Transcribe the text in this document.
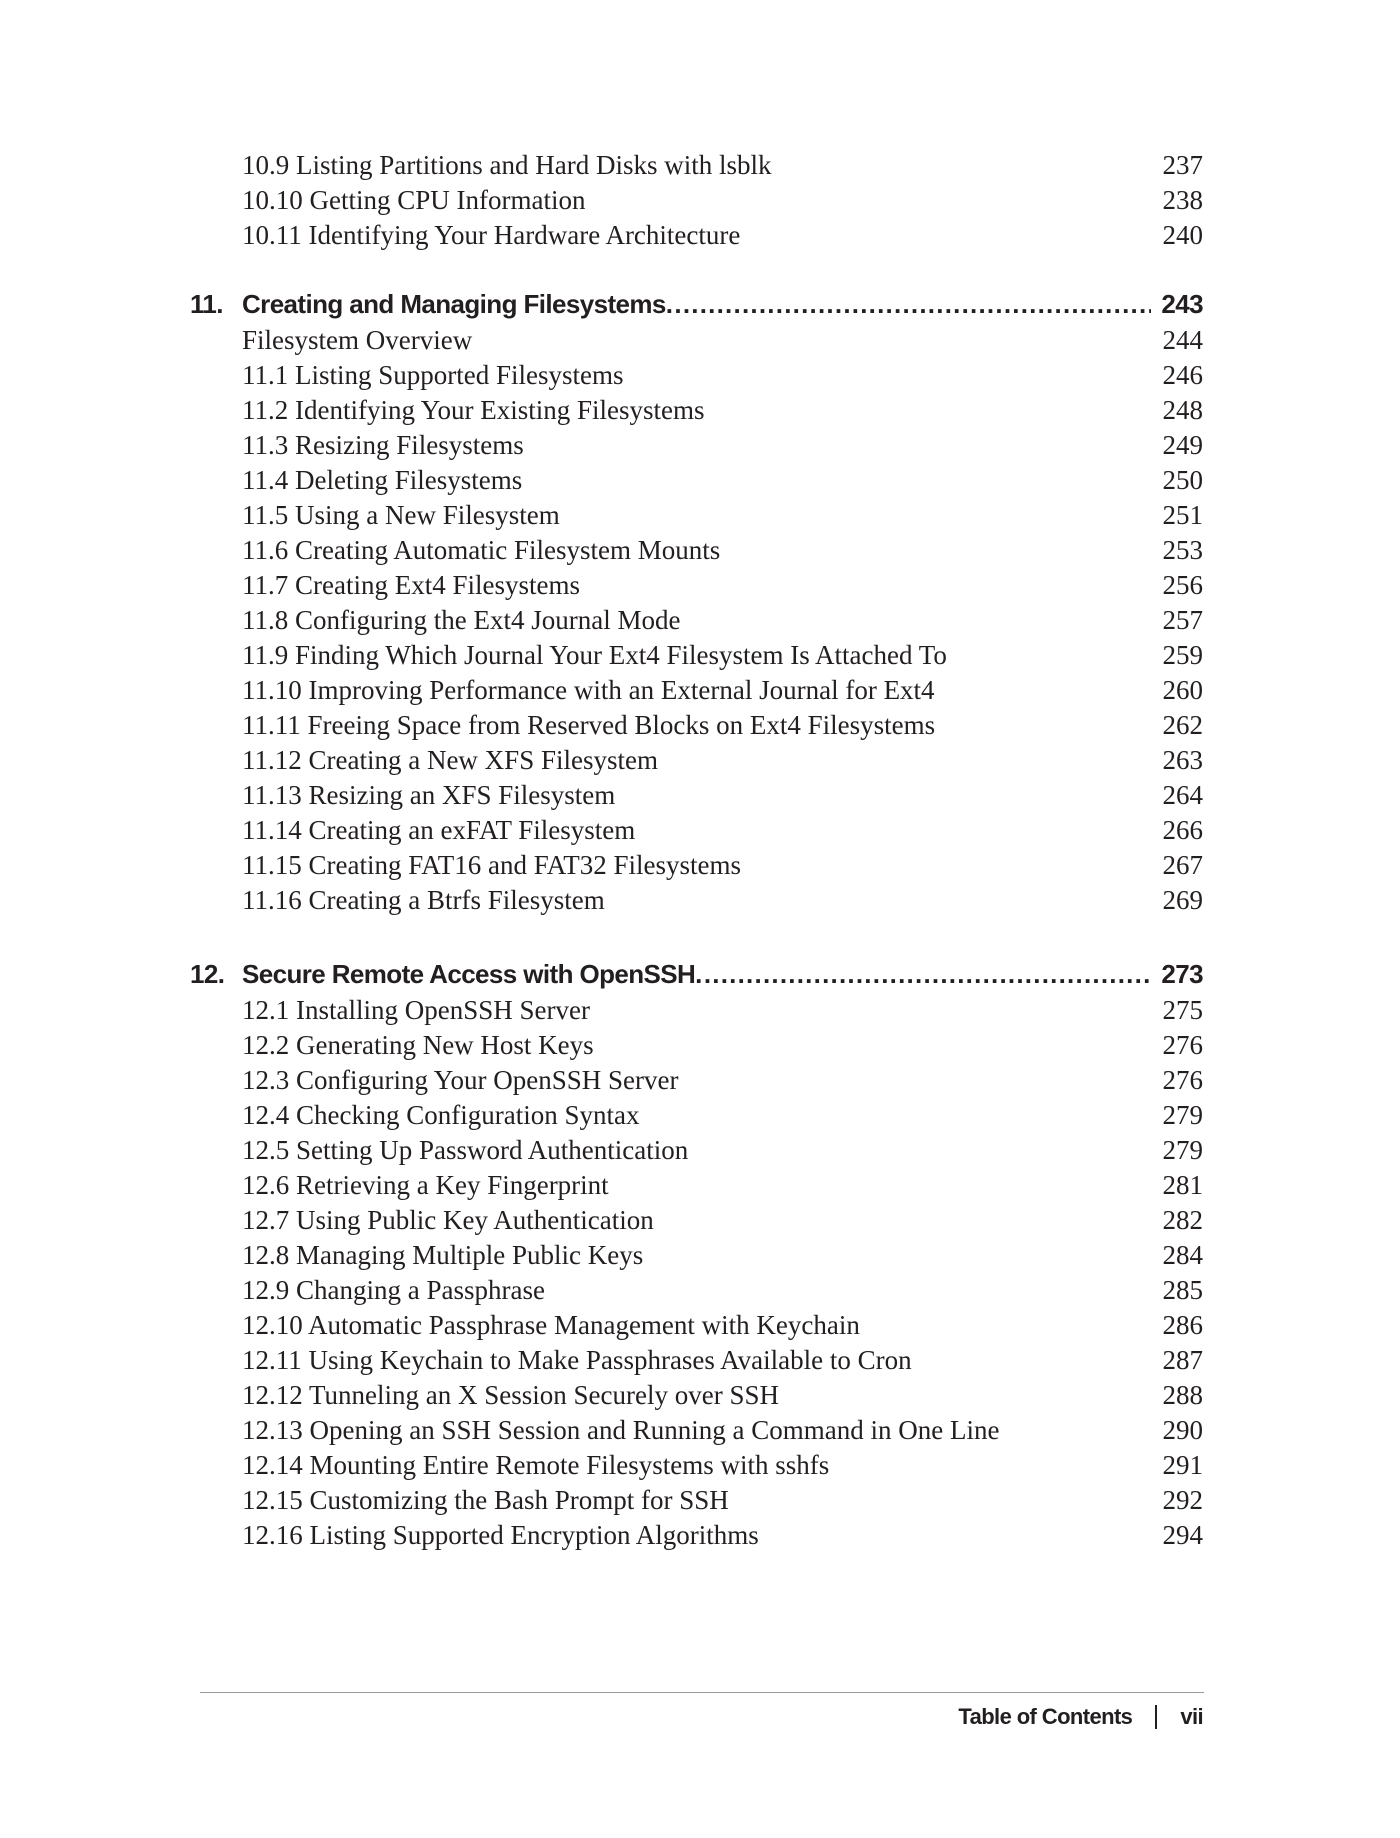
10.9 Listing Partitions and Hard Disks with lsblk	237
10.10 Getting CPU Information	238
10.11 Identifying Your Hardware Architecture	240
11. Creating and Managing Filesystems. . . .	243
Filesystem Overview	244
11.1 Listing Supported Filesystems	246
11.2 Identifying Your Existing Filesystems	248
11.3 Resizing Filesystems	249
11.4 Deleting Filesystems	250
11.5 Using a New Filesystem	251
11.6 Creating Automatic Filesystem Mounts	253
11.7 Creating Ext4 Filesystems	256
11.8 Configuring the Ext4 Journal Mode	257
11.9 Finding Which Journal Your Ext4 Filesystem Is Attached To	259
11.10 Improving Performance with an External Journal for Ext4	260
11.11 Freeing Space from Reserved Blocks on Ext4 Filesystems	262
11.12 Creating a New XFS Filesystem	263
11.13 Resizing an XFS Filesystem	264
11.14 Creating an exFAT Filesystem	266
11.15 Creating FAT16 and FAT32 Filesystems	267
11.16 Creating a Btrfs Filesystem	269
12. Secure Remote Access with OpenSSH. . . .	273
12.1 Installing OpenSSH Server	275
12.2 Generating New Host Keys	276
12.3 Configuring Your OpenSSH Server	276
12.4 Checking Configuration Syntax	279
12.5 Setting Up Password Authentication	279
12.6 Retrieving a Key Fingerprint	281
12.7 Using Public Key Authentication	282
12.8 Managing Multiple Public Keys	284
12.9 Changing a Passphrase	285
12.10 Automatic Passphrase Management with Keychain	286
12.11 Using Keychain to Make Passphrases Available to Cron	287
12.12 Tunneling an X Session Securely over SSH	288
12.13 Opening an SSH Session and Running a Command in One Line	290
12.14 Mounting Entire Remote Filesystems with sshfs	291
12.15 Customizing the Bash Prompt for SSH	292
12.16 Listing Supported Encryption Algorithms	294
Table of Contents vii
